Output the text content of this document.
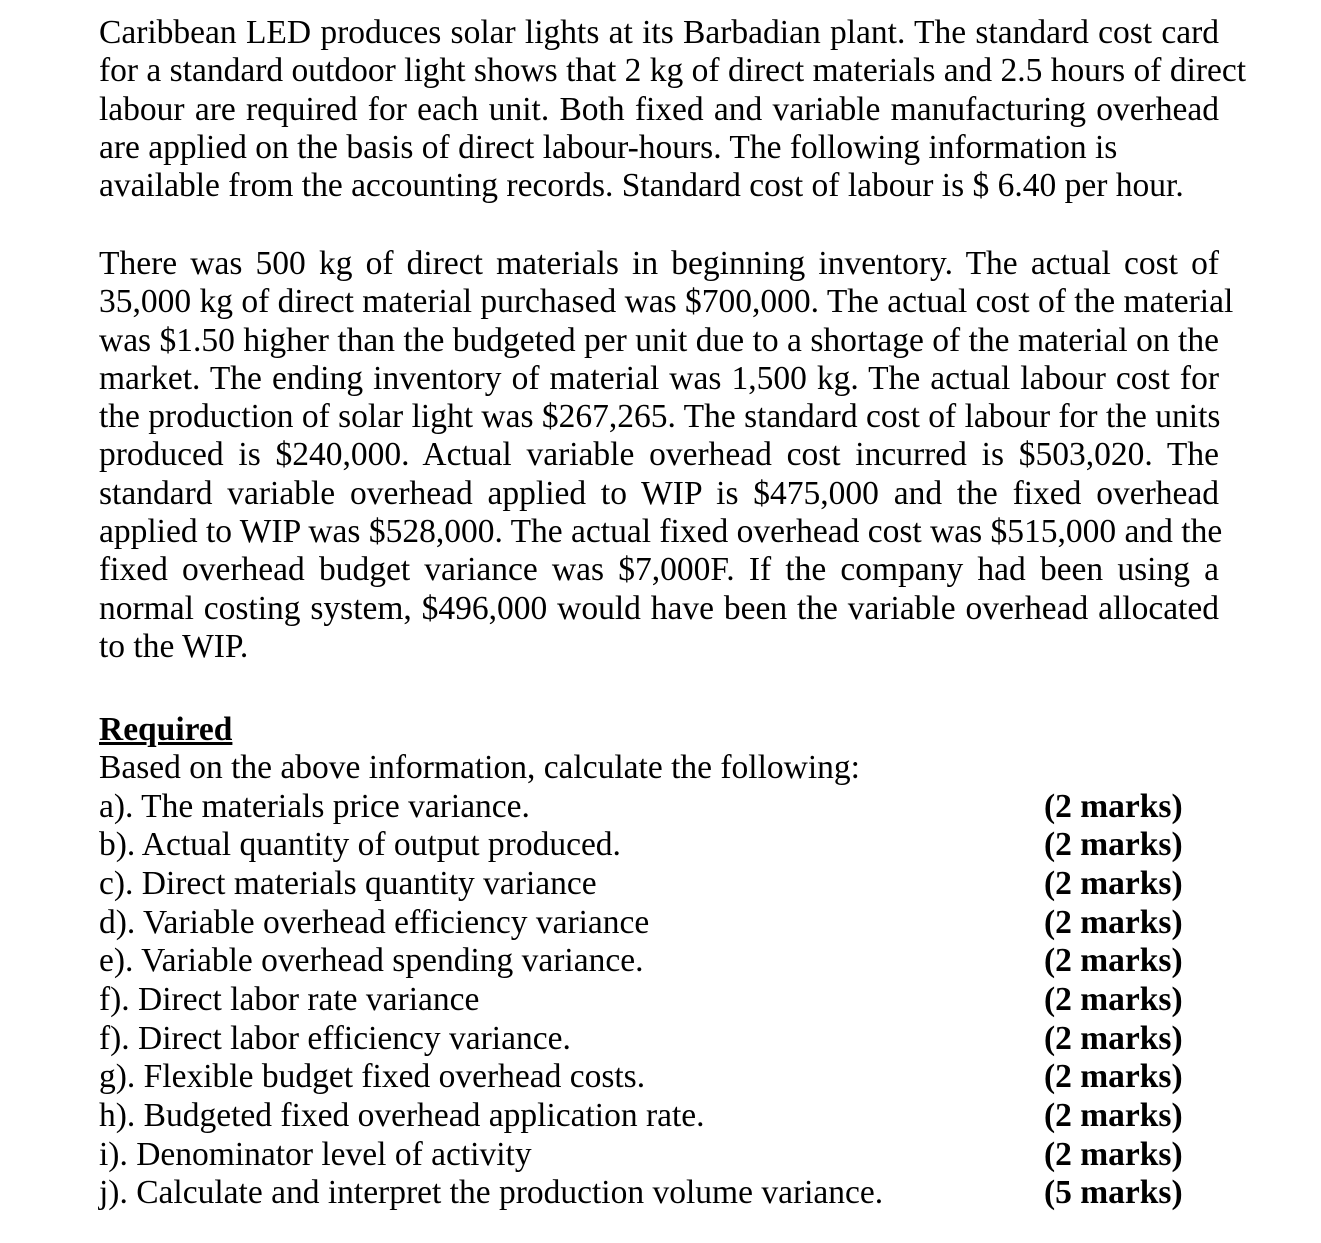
Caribbean LED produces solar lights at its Barbadian plant. The standard cost card
for a standard outdoor light shows that 2 kg of direct materials and 2.5 hours of direct
labour are required for each unit. Both fixed and variable manufacturing overhead
are applied on the basis of direct labour-hours. The following information is
available from the accounting records. Standard cost of labour is $ 6.40 per hour.

There was 500 kg of direct materials in beginning inventory. The actual cost of
35,000 kg of direct material purchased was $700,000. The actual cost of the material
was $1.50 higher than the budgeted per unit due to a shortage of the material on the
market. The ending inventory of material was 1,500 kg. The actual labour cost for
the production of solar light was $267,265. The standard cost of labour for the units
produced is $240,000. Actual variable overhead cost incurred is $503,020. The
standard variable overhead applied to WIP is $475,000 and the fixed overhead
applied to WIP was $528,000. The actual fixed overhead cost was $515,000 and the
fixed overhead budget variance was $7,000F. If the company had been using a
normal costing system, $496,000 would have been the variable overhead allocated
to the WIP.

Required

Based on the above information, calculate the following:

a). The materials price variance.	(2 marks)
b). Actual quantity of output produced.	(2 marks)
c). Direct materials quantity variance	(2 marks)
d). Variable overhead efficiency variance	(2 marks)
e). Variable overhead spending variance.	(2 marks)
f). Direct labor rate variance	(2 marks)
f). Direct labor efficiency variance.	(2 marks)
g). Flexible budget fixed overhead costs.	(2 marks)
h). Budgeted fixed overhead application rate.	(2 marks)
i). Denominator level of activity	(2 marks)
j). Calculate and interpret the production volume variance.	(5 marks)
